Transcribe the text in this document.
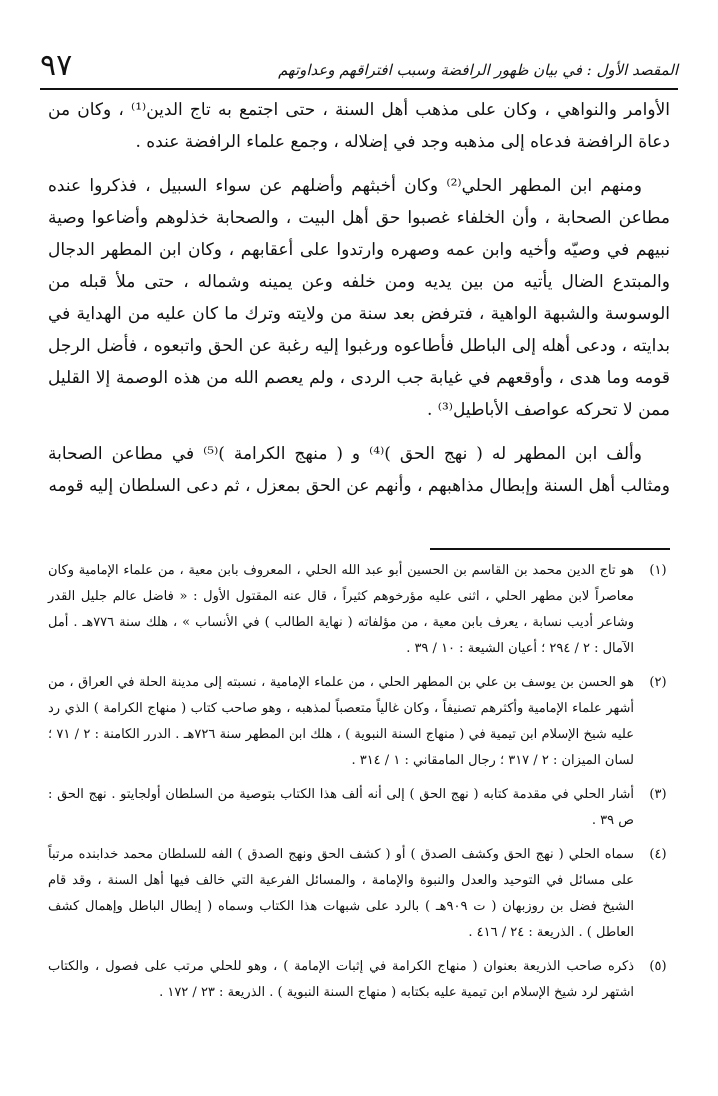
٩٧	المقصد الأول : في بيان ظهور الرافضة وسبب افتراقهم وعداوتهم

الأوامر والنواهي ، وكان على مذهب أهل السنة ، حتى اجتمع به تاج الدين⁽¹⁾ ، وكان من دعاة الرافضة فدعاه إلى مذهبه وجد في إضلاله ، وجمع علماء الرافضة عنده .

ومنهم ابن المطهر الحلي⁽²⁾ وكان أخبثهم وأضلهم عن سواء السبيل ، فذكروا عنده مطاعن الصحابة ، وأن الخلفاء غصبوا حق أهل البيت ، والصحابة خذلوهم وأضاعوا وصية نبيهم في وصيّه وأخيه وابن عمه وصهره وارتدوا على أعقابهم ، وكان ابن المطهر الدجال والمبتدع الضال يأتيه من بين يديه ومن خلفه وعن يمينه وشماله ، حتى ملأ قبله من الوسوسة والشبهة الواهية ، فترفض بعد سنة من ولايته وترك ما كان عليه من الهداية في بدايته ، ودعى أهله إلى الباطل فأطاعوه ورغبوا إليه رغبة عن الحق واتبعوه ، فأضل الرجل قومه وما هدى ، وأوقعهم في غيابة جب الردى ، ولم يعصم الله من هذه الوصمة إلا القليل ممن لا تحركه عواصف الأباطيل⁽³⁾ .

وألف ابن المطهر له ( نهج الحق )⁽⁴⁾ و ( منهج الكرامة )⁽⁵⁾ في مطاعن الصحابة ومثالب أهل السنة وإبطال مذاهبهم ، وأنهم عن الحق بمعزل ، ثم دعى السلطان إليه قومه

(١)
هو تاج الدين محمد بن القاسم بن الحسين أبو عبد الله الحلي ، المعروف بابن معية ، من علماء الإمامية وكان معاصراً لابن مطهر الحلي ، اثنى عليه مؤرخوهم كثيراً ، قال عنه المقتول الأول : « فاضل عالم جليل القدر وشاعر أديب نسابة ، يعرف بابن معية ، من مؤلفاته ( نهاية الطالب ) في الأنساب » ، هلك سنة ٧٧٦هـ . أمل الآمال : ٢ / ٢٩٤ ؛ أعيان الشيعة : ١٠ / ٣٩ .
(٢)
هو الحسن بن يوسف بن علي بن المطهر الحلي ، من علماء الإمامية ، نسبته إلى مدينة الحلة في العراق ، من أشهر علماء الإمامية وأكثرهم تصنيفاً ، وكان غالياً متعصباً لمذهبه ، وهو صاحب كتاب ( منهاج الكرامة ) الذي رد عليه شيخ الإسلام ابن تيمية في ( منهاج السنة النبوية ) ، هلك ابن المطهر سنة ٧٢٦هـ . الدرر الكامنة : ٢ / ٧١ ؛ لسان الميزان : ٢ / ٣١٧ ؛ رجال المامقاني : ١ / ٣١٤ .
(٣)
أشار الحلي في مقدمة كتابه ( نهج الحق ) إلى أنه ألف هذا الكتاب بتوصية من السلطان أولجايتو . نهج الحق : ص ٣٩ .
(٤)
سماه الحلي ( نهج الحق وكشف الصدق ) أو ( كشف الحق ونهج الصدق ) الفه للسلطان محمد خدابنده مرتباً على مسائل في التوحيد والعدل والنبوة والإمامة ، والمسائل الفرعية التي خالف فيها أهل السنة ، وقد قام الشيخ فضل بن روزبهان ( ت ٩٠٩هـ ) بالرد على شبهات هذا الكتاب وسماه ( إبطال الباطل وإهمال كشف العاطل ) . الذريعة : ٢٤ / ٤١٦ .
(٥)
ذكره صاحب الذريعة بعنوان ( منهاج الكرامة في إثبات الإمامة ) ، وهو للحلي مرتب على فصول ، والكتاب اشتهر لرد شيخ الإسلام ابن تيمية عليه بكتابه ( منهاج السنة النبوية ) . الذريعة : ٢٣ / ١٧٢ .
